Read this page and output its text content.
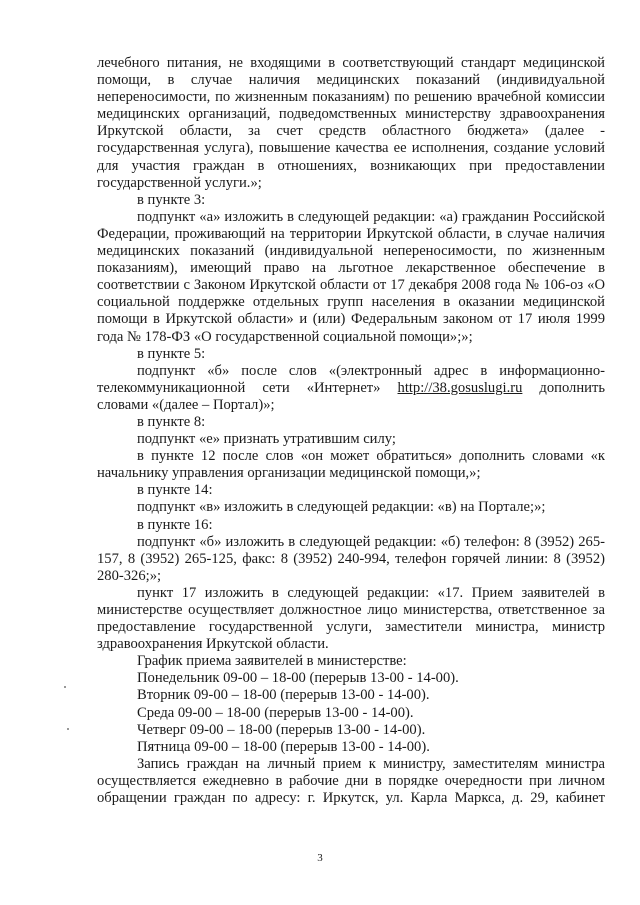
лечебного питания, не входящими в соответствующий стандарт медицинской помощи, в случае наличия медицинских показаний (индивидуальной непереносимости, по жизненным показаниям) по решению врачебной комиссии медицинских организаций, подведомственных министерству здравоохранения Иркутской области, за счет средств областного бюджета» (далее - государственная услуга), повышение качества ее исполнения, создание условий для участия граждан в отношениях, возникающих при предоставлении государственной услуги.»;

в пункте 3:

подпункт «а» изложить в следующей редакции: «а) гражданин Российской Федерации, проживающий на территории Иркутской области, в случае наличия медицинских показаний (индивидуальной непереносимости, по жизненным показаниям), имеющий право на льготное лекарственное обеспечение в соответствии с Законом Иркутской области от 17 декабря 2008 года № 106-оз «О социальной поддержке отдельных групп населения в оказании медицинской помощи в Иркутской области» и (или) Федеральным законом от 17 июля 1999 года № 178-ФЗ «О государственной социальной помощи»;»;

в пункте 5:

подпункт «б» после слов «(электронный адрес в информационно-телекоммуникационной сети «Интернет» http://38.gosuslugi.ru дополнить словами «(далее – Портал)»;

в пункте 8:

подпункт «е» признать утратившим силу;

в пункте 12 после слов «он может обратиться» дополнить словами «к начальнику управления организации медицинской помощи,»;

в пункте 14:

подпункт «в» изложить в следующей редакции: «в) на Портале;»;

в пункте 16:

подпункт «б» изложить в следующей редакции: «б) телефон: 8 (3952) 265-157, 8 (3952) 265-125, факс: 8 (3952) 240-994, телефон горячей линии: 8 (3952) 280-326;»;

пункт 17 изложить в следующей редакции: «17. Прием заявителей в министерстве осуществляет должностное лицо министерства, ответственное за предоставление государственной услуги, заместители министра, министр здравоохранения Иркутской области.

График приема заявителей в министерстве:

Понедельник 09-00 – 18-00 (перерыв 13-00 - 14-00).

Вторник 09-00 – 18-00 (перерыв 13-00 - 14-00).

Среда 09-00 – 18-00 (перерыв 13-00 - 14-00).

Четверг 09-00 – 18-00 (перерыв 13-00 - 14-00).

Пятница 09-00 – 18-00 (перерыв 13-00 - 14-00).

Запись граждан на личный прием к министру, заместителям министра осуществляется ежедневно в рабочие дни в порядке очередности при личном обращении граждан по адресу: г. Иркутск, ул. Карла Маркса, д. 29, кабинет

3
